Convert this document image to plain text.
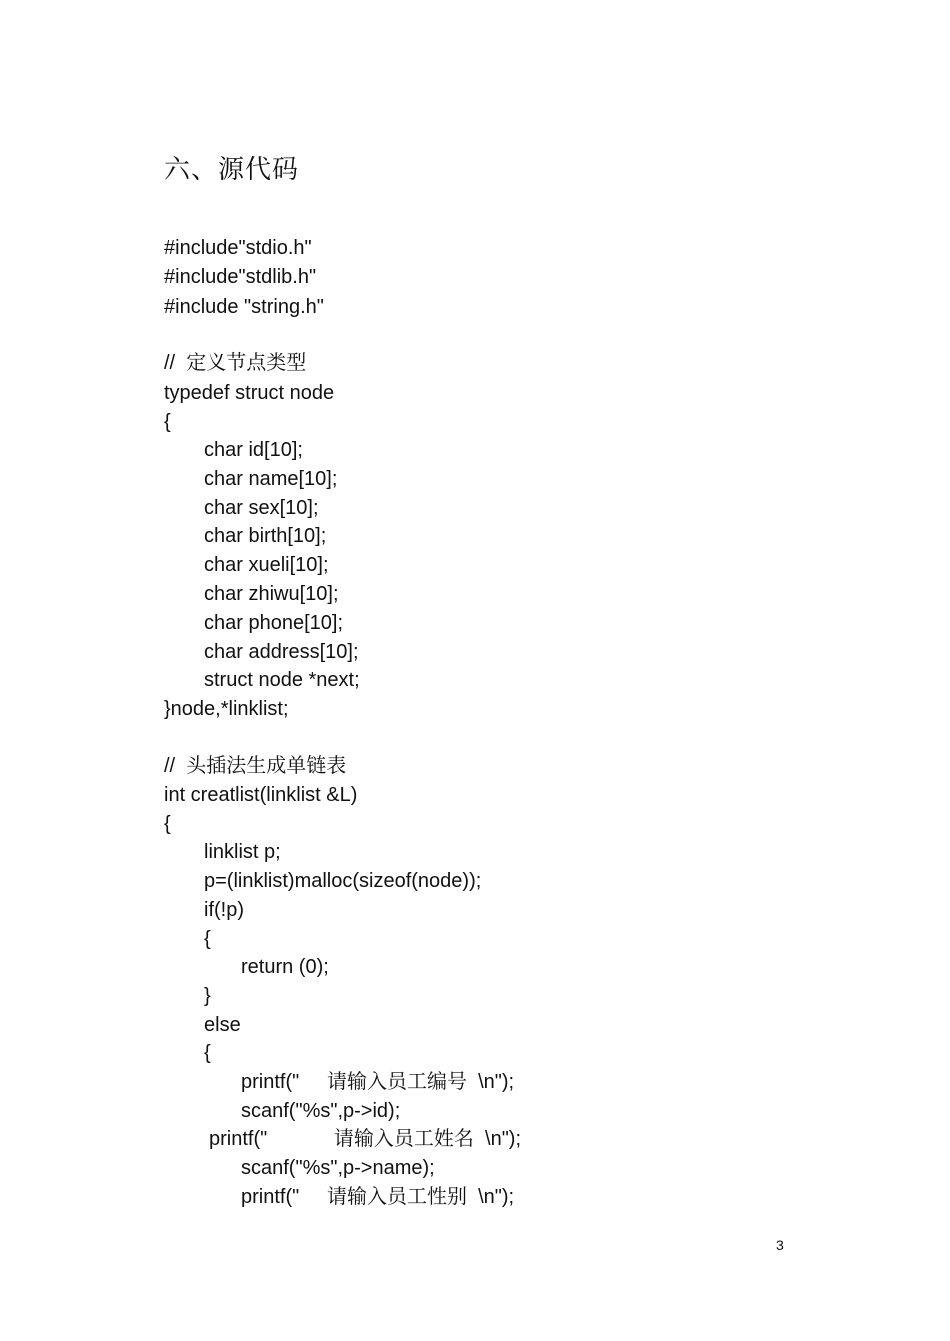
六、源代码
#include"stdio.h"
#include"stdlib.h"
#include "string.h"
//  定义节点类型
typedef struct node
{
char id[10];
char name[10];
char sex[10];
char birth[10];
char xueli[10];
char zhiwu[10];
char phone[10];
char address[10];
struct node *next;
}node,*linklist;
//  头插法生成单链表
int creatlist(linklist &L)
{
linklist p;
p=(linklist)malloc(sizeof(node));
if(!p)
{
return (0);
}
else
{
printf("     请输入员工编号  \n");
scanf("%s",p->id);
printf("            请输入员工姓名  \n");
scanf("%s",p->name);
printf("     请输入员工性别  \n");
3
